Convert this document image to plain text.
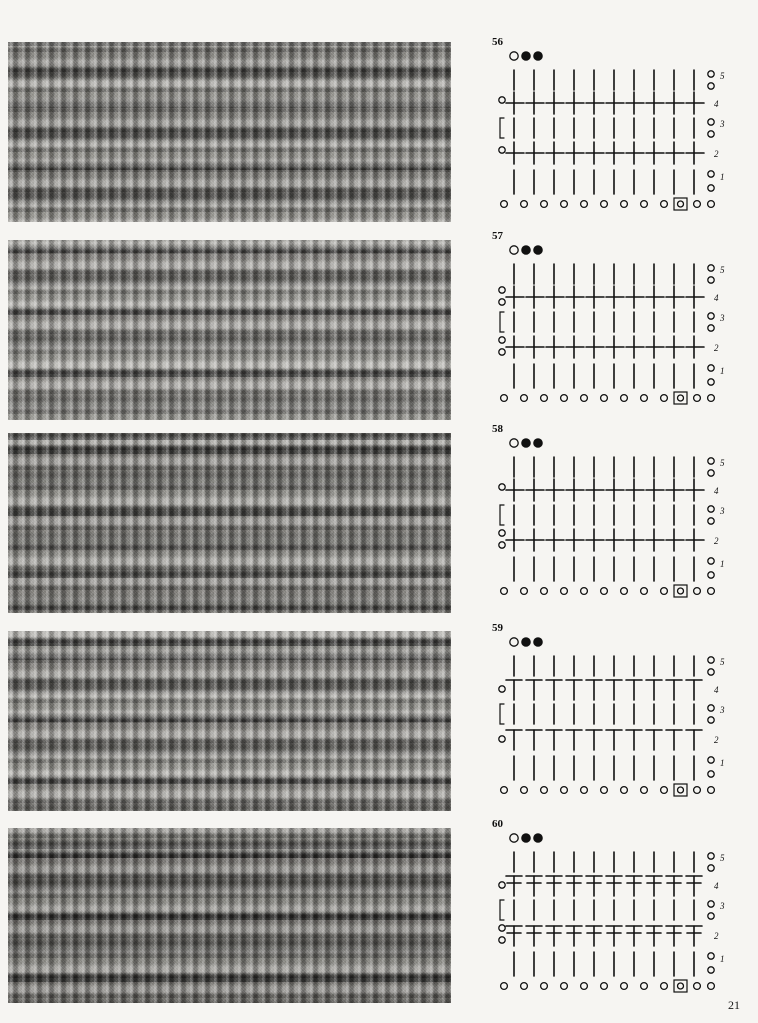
56
5
4
3
2
1
57
5
4
3
2
1
58
5
4
3
2
1
59
5
4
3
2
1
60
5
4
3
2
1
21
